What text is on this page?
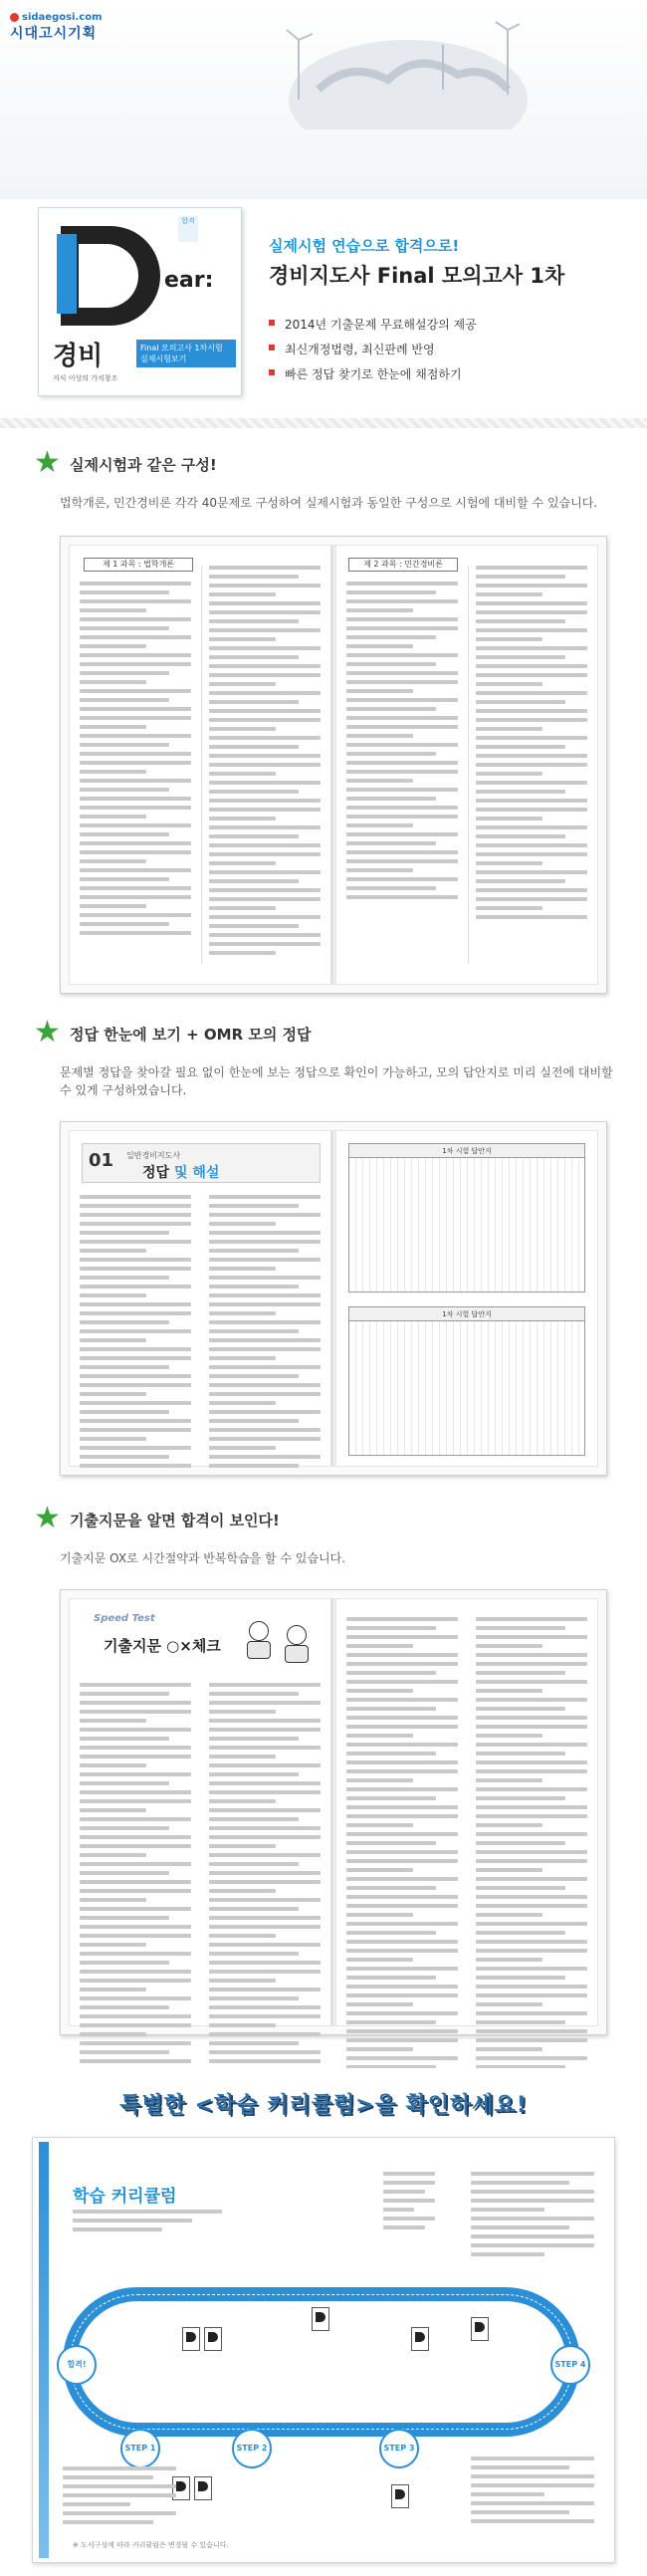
sidaegosi.com
시대고시기획
합격
ear:
경비	Final 모의고사 1차시험 실제시험보기
지식 이상의 가치창조
실제시험 연습으로 합격으로!
경비지도사 Final 모의고사 1차
2014년 기출문제 무료해설강의 제공
최신개정법령, 최신판례 반영
빠른 정답 찾기로 한눈에 채점하기
★ 실제시험과 같은 구성!
법학개론, 민간경비론 각각 40문제로 구성하여 실제시험과 동일한 구성으로 시험에 대비할 수 있습니다.
제 1 과목 : 법학개론	제 2 과목 : 민간경비론
★ 정답 한눈에 보기 + OMR 모의 정답
문제별 정답을 찾아갈 필요 없이 한눈에 보는 정답으로 확인이 가능하고, 모의 답안지로 미리 실전에 대비할 수 있게 구성하였습니다.
01 일반경비지도사
정답 및 해설
1차 시험 답안지
1차 시험 답안지
★ 기출지문을 알면 합격이 보인다!
기출지문 OX로 시간절약과 반복학습을 할 수 있습니다.
Speed Test
기출지문 ○×체크
특별한 <학습 커리큘럼>을 확인하세요!
학습 커리큘럼
합격!
STEP 1	STEP 2	STEP 3
STEP 4
※ 도서구성에 따라 커리큘럼은 변경될 수 있습니다.
